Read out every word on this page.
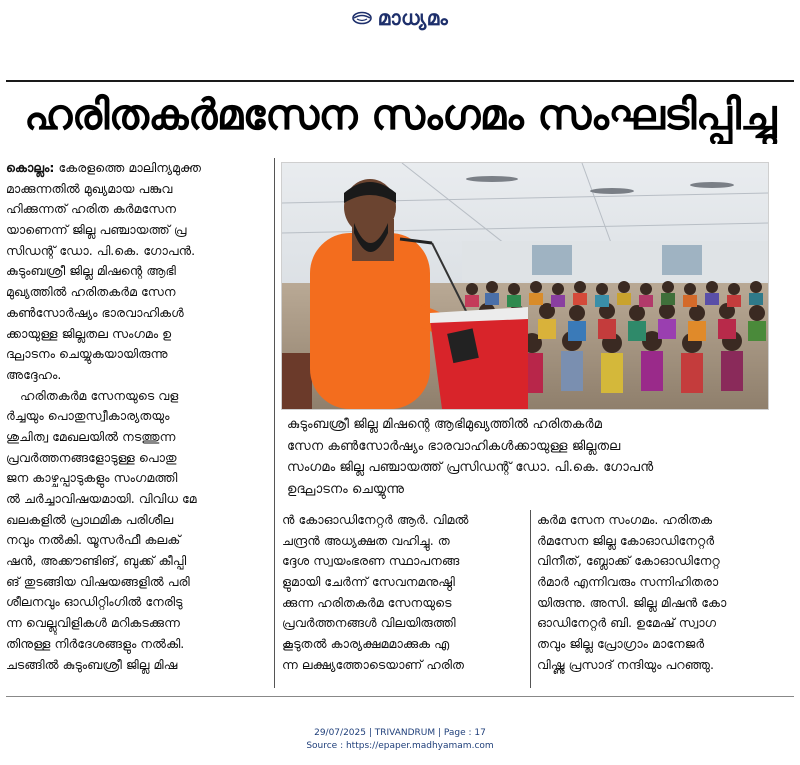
മാധ്യമം
ഹരിതകർമസേന സംഗമം സംഘടിപ്പിച്ചു
കൊല്ലം: കേരളത്തെ മാലിന്യമുക്ത
മാക്കുന്നതിൽ മുഖ്യമായ പങ്കുവ
ഹിക്കുന്നത് ഹരിത കർമസേന
യാണെന്ന് ജില്ല പഞ്ചായത്ത് പ്ര
സിഡന്റ് ഡോ. പി.കെ. ഗോപൻ.
കുടുംബശ്രീ ജില്ല മിഷന്റെ ആഭി
മുഖ്യത്തിൽ ഹരിതകർമ സേന
കൺസോർഷ്യം ഭാരവാഹികൾ
ക്കായുള്ള ജില്ലതല സംഗമം ഉ
ദ്ഘാടനം ചെയ്യുകയായിരുന്നു
അദ്ദേഹം.
ഹരിതകർമ സേനയുടെ വള
ർച്ചയും പൊതുസ്വീകാര്യതയും
ശുചിത്വ മേഖലയിൽ നടത്തുന്ന
പ്രവർത്തനങ്ങളോടുള്ള പൊതു
ജന കാഴ്ചപ്പാടുകളും സംഗമത്തി
ൽ ചർച്ചാവിഷയമായി. വിവിധ മേ
ഖലകളിൽ പ്രാഥമിക പരിശീല
നവും നൽകി. യൂസർഫീ കലക്
ഷൻ, അക്കൗണ്ടിങ്, ബുക്ക് കീപ്പി
ങ് തുടങ്ങിയ വിഷയങ്ങളിൽ പരി
ശീലനവും ഓഡിറ്റിംഗിൽ നേരിടു
ന്ന വെല്ലുവിളികൾ മറികടക്കുന്ന
തിനുള്ള നിർദേശങ്ങളും നൽകി.
ചടങ്ങിൽ കുടുംബശ്രീ ജില്ല മിഷ
കുടുംബശ്രീ ജില്ല മിഷന്റെ ആഭിമുഖ്യത്തിൽ ഹരിതകർമ
സേന കൺസോർഷ്യം ഭാരവാഹികൾക്കായുള്ള ജില്ലതല
സംഗമം ജില്ല പഞ്ചായത്ത് പ്രസിഡന്റ് ഡോ. പി.കെ. ഗോപൻ
ഉദ്ഘാടനം ചെയ്യുന്നു
ൻ കോഓഡിനേറ്റർ ആർ. വിമൽ
ചന്ദ്രൻ അധ്യക്ഷത വഹിച്ചു. ത
ദ്ദേശ സ്വയംഭരണ സ്ഥാപനങ്ങ
ളുമായി ചേർന്ന് സേവനമനുഷ്ഠി
ക്കുന്ന ഹരിതകർമ സേനയുടെ
പ്രവർത്തനങ്ങൾ വിലയിരുത്തി
കൂടുതൽ കാര്യക്ഷമമാക്കുക എ
ന്ന ലക്ഷ്യത്തോടെയാണ് ഹരിത
കർമ സേന സംഗമം. ഹരിതക
ർമസേന ജില്ല കോഓഡിനേറ്റർ
വിനീത്, ബ്ലോക്ക് കോഓഡിനേറ്റ
ർമാർ എന്നിവരും സന്നിഹിതരാ
യിരുന്നു. അസി. ജില്ല മിഷൻ കോ
ഓഡിനേറ്റർ ബി. ഉമേഷ് സ്വാഗ
തവും ജില്ല പ്രോഗ്രാം മാനേജർ
വിഷ്ണു പ്രസാദ് നന്ദിയും പറഞ്ഞു.
29/07/2025 | TRIVANDRUM | Page : 17
Source : https://epaper.madhyamam.com
